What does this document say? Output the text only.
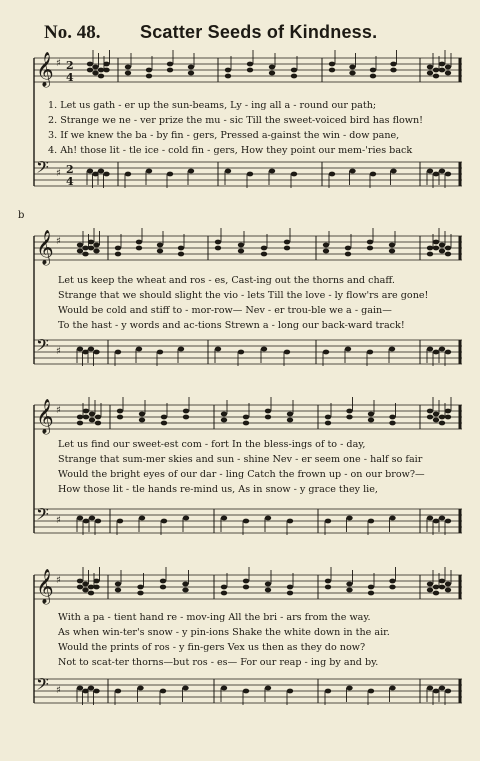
No. 48. Scatter Seeds of Kindness.
𝄞 ♯ 2
4
𝄢 ♯ 2
4
1. Let us gath - er up the sun-beams, Ly - ing all a - round our path;
2. Strange we ne - ver prize the mu - sic Till the sweet-voiced bird has flown!
3. If we knew the ba - by fin - gers, Pressed a-gainst the win - dow pane,
4. Ah! those lit - tle ice - cold fin - gers, How they point our mem-'ries back
b
𝄞 ♯
𝄢 ♯
Let us keep the wheat and ros - es, Cast-ing out the thorns and chaff.
Strange that we should slight the vio - lets Till the love - ly flow'rs are gone!
Would be cold and stiff to - mor-row— Nev - er trou-ble we a - gain—
To the hast - y words and ac-tions Strewn a - long our back-ward track!
𝄞 ♯
𝄢 ♯
Let us find our sweet-est com - fort In the bless-ings of to - day,
Strange that sum-mer skies and sun - shine Nev - er seem one - half so fair
Would the bright eyes of our dar - ling Catch the frown up - on our brow?—
How those lit - tle hands re-mind us, As in snow - y grace they lie,
𝄞 ♯
𝄢 ♯
With a pa - tient hand re - mov-ing All the bri - ars from the way.
As when win-ter's snow - y pin-ions Shake the white down in the air.
Would the prints of ros - y fin-gers Vex us then as they do now?
Not to scat-ter thorns—but ros - es— For our reap - ing by and by.
